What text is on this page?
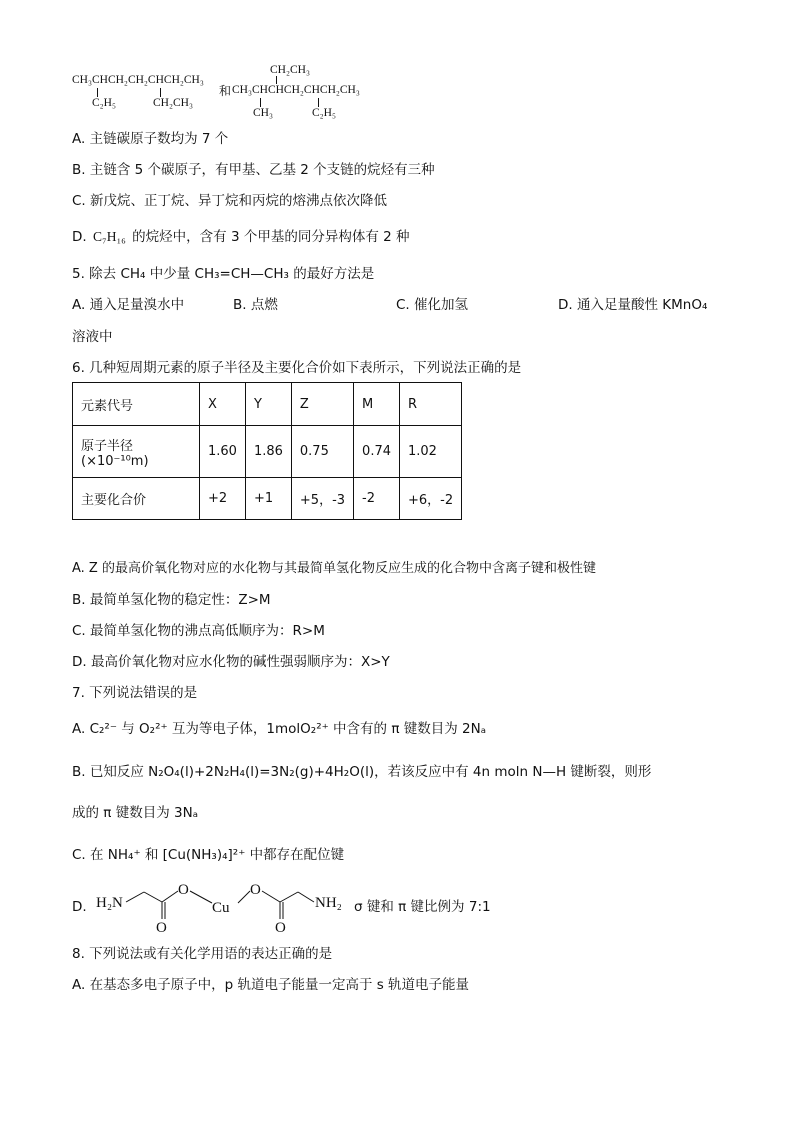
CH₃CHCH₂CH₂CHCH₂CH₃
C₂H₅	CH₂CH₃
和
CH₂CH₃
CH₃CHCHCH₂CHCH₂CH₃
CH₃	C₂H₅
A. 主链碳原子数均为 7 个
B. 主链含 5 个碳原子，有甲基、乙基 2 个支链的烷烃有三种
C. 新戊烷、正丁烷、异丁烷和丙烷的熔沸点依次降低
D. C₇H₁₆ 的烷烃中，含有 3 个甲基的同分异构体有 2 种
5. 除去 CH₄ 中少量 CH₃=CH—CH₃ 的最好方法是
A. 通入足量溴水中	B. 点燃	C. 催化加氢	D. 通入足量酸性 KMnO₄
溶液中
6. 几种短周期元素的原子半径及主要化合价如下表所示，下列说法正确的是
元素代号	X	Y	Z	M	R
原子半径(×10⁻¹⁰m)	1.60	1.86	0.75	0.74	1.02
主要化合价	+2	+1	+5，-3	-2	+6，-2
A. Z 的最高价氧化物对应的水化物与其最简单氢化物反应生成的化合物中含离子键和极性键
B. 最简单氢化物的稳定性：Z>M
C. 最简单氢化物的沸点高低顺序为：R>M
D. 最高价氧化物对应水化物的碱性强弱顺序为：X>Y
7. 下列说法错误的是
A. C₂²⁻ 与 O₂²⁺ 互为等电子体，1molO₂²⁺ 中含有的 π 键数目为 2Nₐ
B. 已知反应 N₂O₄(l)+2N₂H₄(l)=3N₂(g)+4H₂O(l)，若该反应中有 4n moln N—H 键断裂，则形
成的 π 键数目为 3Nₐ
C. 在 NH₄⁺ 和 [Cu(NH₃)₄]²⁺ 中都存在配位键
D. H₂N
O
Cu
O
NH₂
O	O
σ 键和 π 键比例为 7:1
8. 下列说法或有关化学用语的表达正确的是
A. 在基态多电子原子中，p 轨道电子能量一定高于 s 轨道电子能量
